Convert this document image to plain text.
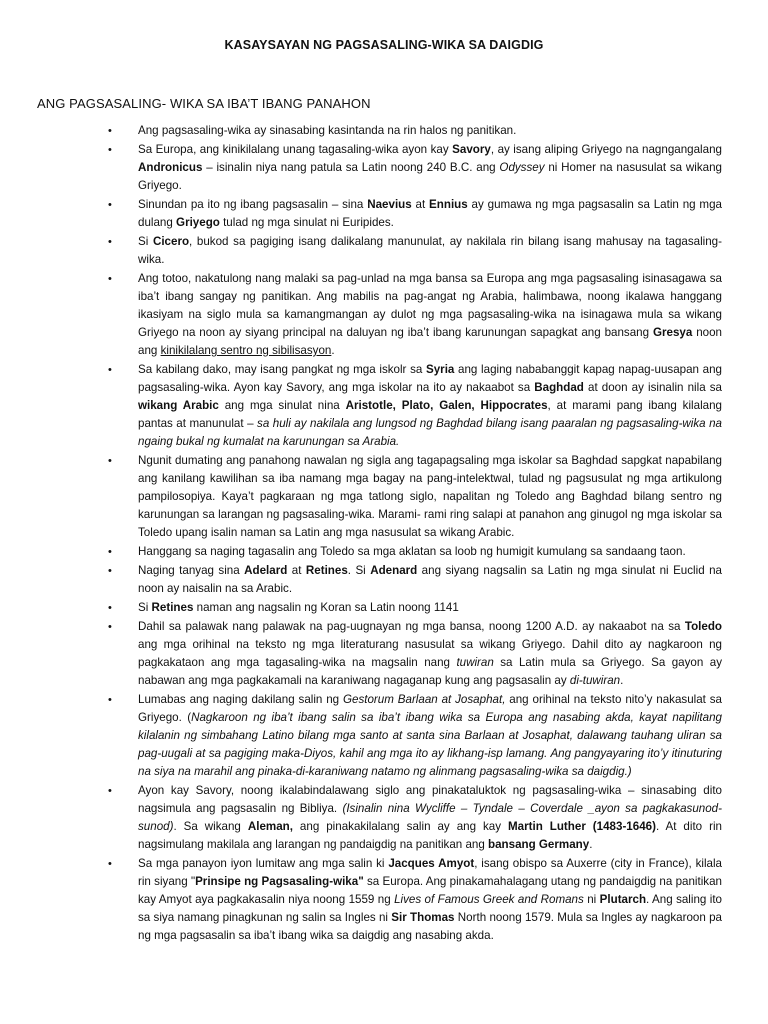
KASAYSAYAN NG PAGSASALING-WIKA SA DAIGDIG
ANG PAGSASALING- WIKA SA IBA’T IBANG PANAHON
• Ang pagsasaling-wika ay sinasabing kasintanda na rin halos ng panitikan.
• Sa Europa, ang kinikilalang unang tagasaling-wika ayon kay Savory, ay isang aliping Griyego na nagngangalang Andronicus – isinalin niya nang patula sa Latin noong 240 B.C. ang Odyssey ni Homer na nasusulat sa wikang Griyego.
• Sinundan pa ito ng ibang pagsasalin – sina Naevius at Ennius ay gumawa ng mga pagsasalin sa Latin ng mga dulang Griyego tulad ng mga sinulat ni Euripides.
• Si Cicero, bukod sa pagiging isang dalikalang manunulat, ay nakilala rin bilang isang mahusay na tagasaling-wika.
• Ang totoo, nakatulong nang malaki sa pag-unlad na mga bansa sa Europa ang mga pagsasaling isinasagawa sa iba’t ibang sangay ng panitikan. Ang mabilis na pag-angat ng Arabia, halimbawa, noong ikalawa hanggang ikasiyam na siglo mula sa kamangmangan ay dulot ng mga pagsasaling-wika na isinagawa mula sa wikang Griyego na noon ay siyang principal na daluyan ng iba’t ibang karunungan sapagkat ang bansang Gresya noon ang kinikilalang sentro ng sibilisasyon.
• Sa kabilang dako, may isang pangkat ng mga iskolr sa Syria ang laging nababanggit kapag napag-uusapan ang pagsasaling-wika. Ayon kay Savory, ang mga iskolar na ito ay nakaabot sa Baghdad at doon ay isinalin nila sa wikang Arabic ang mga sinulat nina Aristotle, Plato, Galen, Hippocrates, at marami pang ibang kilalang pantas at manunulat – sa huli ay nakilala ang lungsod ng Baghdad bilang isang paaralan ng pagsasaling-wika na ngaing bukal ng kumalat na karunungan sa Arabia.
• Ngunit dumating ang panahong nawalan ng sigla ang tagapagsaling mga iskolar sa Baghdad sapgkat napabilang ang kanilang kawilihan sa iba namang mga bagay na pang-intelektwal, tulad ng pagsusulat ng mga artikulong pampilosopiya. Kaya’t pagkaraan ng mga tatlong siglo, napalitan ng Toledo ang Baghdad bilang sentro ng karunungan sa larangan ng pagsasaling-wika. Marami- rami ring salapi at panahon ang ginugol ng mga iskolar sa Toledo upang isalin naman sa Latin ang mga nasusulat sa wikang Arabic.
• Hanggang sa naging tagasalin ang Toledo sa mga aklatan sa loob ng humigit kumulang sa sandaang taon.
• Naging tanyag sina Adelard at Retines. Si Adenard ang siyang nagsalin sa Latin ng mga sinulat ni Euclid na noon ay naisalin na sa Arabic.
• Si Retines naman ang nagsalin ng Koran sa Latin noong 1141
• Dahil sa palawak nang palawak na pag-uugnayan ng mga bansa, noong 1200 A.D. ay nakaabot na sa Toledo ang mga orihinal na teksto ng mga literaturang nasusulat sa wikang Griyego. Dahil dito ay nagkaroon ng pagkakataon ang mga tagasaling-wika na magsalin nang tuwiran sa Latin mula sa Griyego. Sa gayon ay nabawan ang mga pagkakamali na karaniwang nagaganap kung ang pagsasalin ay di-tuwiran.
• Lumabas ang naging dakilang salin ng Gestorum Barlaan at Josaphat, ang orihinal na teksto nito’y nakasulat sa Griyego. (Nagkaroon ng iba’t ibang salin sa iba’t ibang wika sa Europa ang nasabing akda, kayat napilitang kilalanin ng simbahang Latino bilang mga santo at santa sina Barlaan at Josaphat, dalawang tauhang uliran sa pag-uugali at sa pagiging maka-Diyos, kahil ang mga ito ay likhang-isp lamang. Ang pangyayaring ito’y itinuturing na siya na marahil ang pinaka-di-karaniwang natamo ng alinmang pagsasaling-wika sa daigdig.)
• Ayon kay Savory, noong ikalabindalawang siglo ang pinakataluktok ng pagsasaling-wika – sinasabing dito nagsimula ang pagsasalin ng Bibliya. (Isinalin nina Wycliffe – Tyndale – Coverdale _ayon sa pagkakasunod-sunod). Sa wikang Aleman, ang pinakakilalang salin ay ang kay Martin Luther (1483-1646). At dito rin nagsimulang makilala ang larangan ng pandaigdig na panitikan ang bansang Germany.
• Sa mga panayon iyon lumitaw ang mga salin ki Jacques Amyot, isang obispo sa Auxerre (city in France), kilala rin siyang "Prinsipe ng Pagsasaling-wika" sa Europa. Ang pinakamahalagang utang ng pandaigdig na panitikan kay Amyot aya pagkakasalin niya noong 1559 ng Lives of Famous Greek and Romans ni Plutarch. Ang saling ito sa siya namang pinagkunan ng salin sa Ingles ni Sir Thomas North noong 1579. Mula sa Ingles ay nagkaroon pa ng mga pagsasalin sa iba’t ibang wika sa daigdig ang nasabing akda.
